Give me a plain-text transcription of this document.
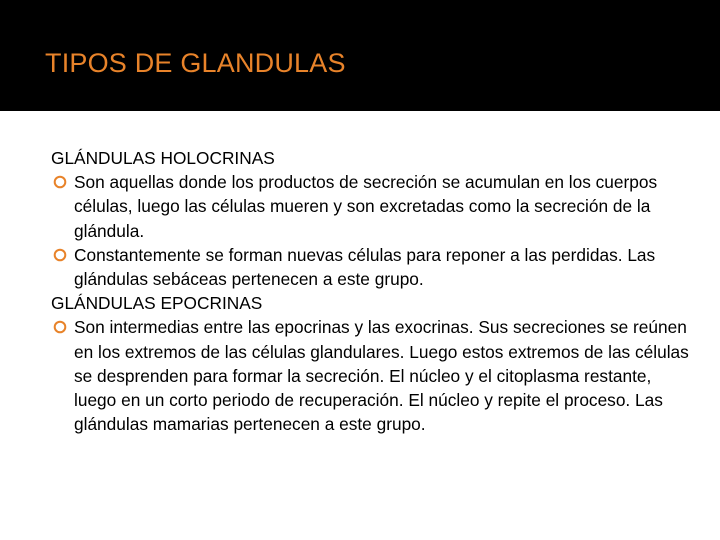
TIPOS DE GLANDULAS
GLÁNDULAS HOLOCRINAS
Son aquellas donde los productos de secreción se acumulan en los cuerpos células, luego las células mueren y son excretadas como la secreción de la glándula.
Constantemente se forman nuevas células para reponer a las perdidas. Las glándulas sebáceas pertenecen a este grupo.
GLÁNDULAS EPOCRINAS
Son intermedias entre las epocrinas y las exocrinas. Sus secreciones se reúnen en los extremos de las células glandulares. Luego estos extremos de las células se desprenden para formar la secreción. El núcleo y el citoplasma restante, luego en un corto periodo de recuperación. El núcleo y repite el proceso. Las glándulas mamarias pertenecen a este grupo.
